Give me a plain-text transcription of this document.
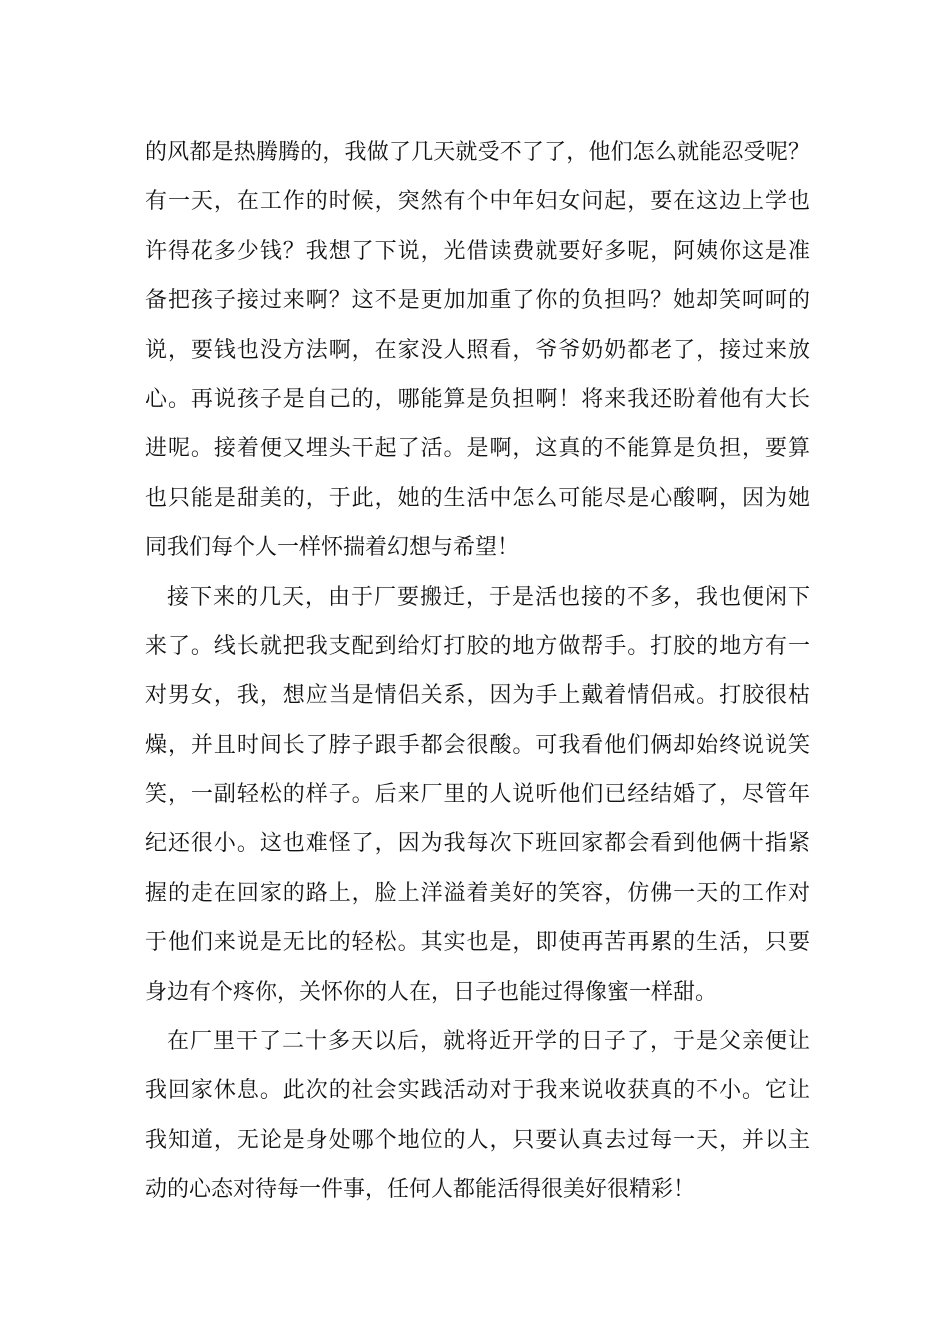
的风都是热腾腾的，我做了几天就受不了了，他们怎么就能忍受呢？
有一天，在工作的时候，突然有个中年妇女问起，要在这边上学也
许得花多少钱？我想了下说，光借读费就要好多呢，阿姨你这是准
备把孩子接过来啊？这不是更加加重了你的负担吗？她却笑呵呵的
说，要钱也没方法啊，在家没人照看，爷爷奶奶都老了，接过来放
心。再说孩子是自己的，哪能算是负担啊！将来我还盼着他有大长
进呢。接着便又埋头干起了活。是啊，这真的不能算是负担，要算
也只能是甜美的，于此，她的生活中怎么可能尽是心酸啊，因为她
同我们每个人一样怀揣着幻想与希望！
接下来的几天，由于厂要搬迁，于是活也接的不多，我也便闲下
来了。线长就把我支配到给灯打胶的地方做帮手。打胶的地方有一
对男女，我，想应当是情侣关系，因为手上戴着情侣戒。打胶很枯
燥，并且时间长了脖子跟手都会很酸。可我看他们俩却始终说说笑
笑，一副轻松的样子。后来厂里的人说听他们已经结婚了，尽管年
纪还很小。这也难怪了，因为我每次下班回家都会看到他俩十指紧
握的走在回家的路上，脸上洋溢着美好的笑容，仿佛一天的工作对
于他们来说是无比的轻松。其实也是，即使再苦再累的生活，只要
身边有个疼你，关怀你的人在，日子也能过得像蜜一样甜。
在厂里干了二十多天以后，就将近开学的日子了，于是父亲便让
我回家休息。此次的社会实践活动对于我来说收获真的不小。它让
我知道，无论是身处哪个地位的人，只要认真去过每一天，并以主
动的心态对待每一件事，任何人都能活得很美好很精彩！
